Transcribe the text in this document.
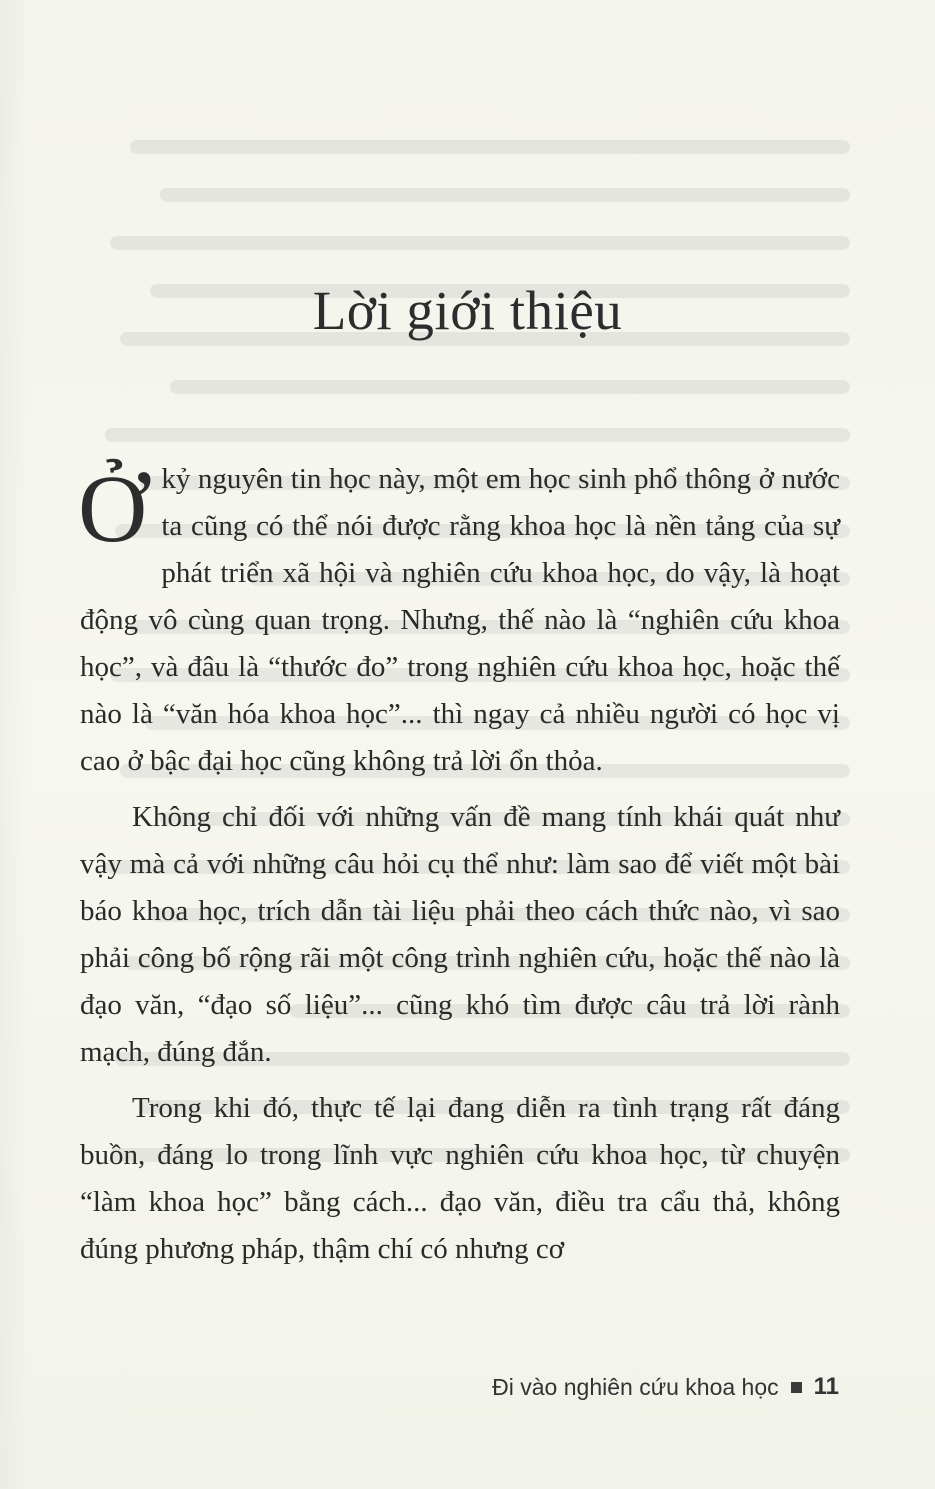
Lời giới thiệu

Ở kỷ nguyên tin học này, một em học sinh phổ thông ở nước ta cũng có thể nói được rằng khoa học là nền tảng của sự phát triển xã hội và nghiên cứu khoa học, do vậy, là hoạt động vô cùng quan trọng. Nhưng, thế nào là “nghiên cứu khoa học”, và đâu là “thước đo” trong nghiên cứu khoa học, hoặc thế nào là “văn hóa khoa học”... thì ngay cả nhiều người có học vị cao ở bậc đại học cũng không trả lời ổn thỏa.

Không chỉ đối với những vấn đề mang tính khái quát như vậy mà cả với những câu hỏi cụ thể như: làm sao để viết một bài báo khoa học, trích dẫn tài liệu phải theo cách thức nào, vì sao phải công bố rộng rãi một công trình nghiên cứu, hoặc thế nào là đạo văn, “đạo số liệu”... cũng khó tìm được câu trả lời rành mạch, đúng đắn.

Trong khi đó, thực tế lại đang diễn ra tình trạng rất đáng buồn, đáng lo trong lĩnh vực nghiên cứu khoa học, từ chuyện “làm khoa học” bằng cách... đạo văn, điều tra cẩu thả, không đúng phương pháp, thậm chí có nhưng cơ

Đi vào nghiên cứu khoa học 11
